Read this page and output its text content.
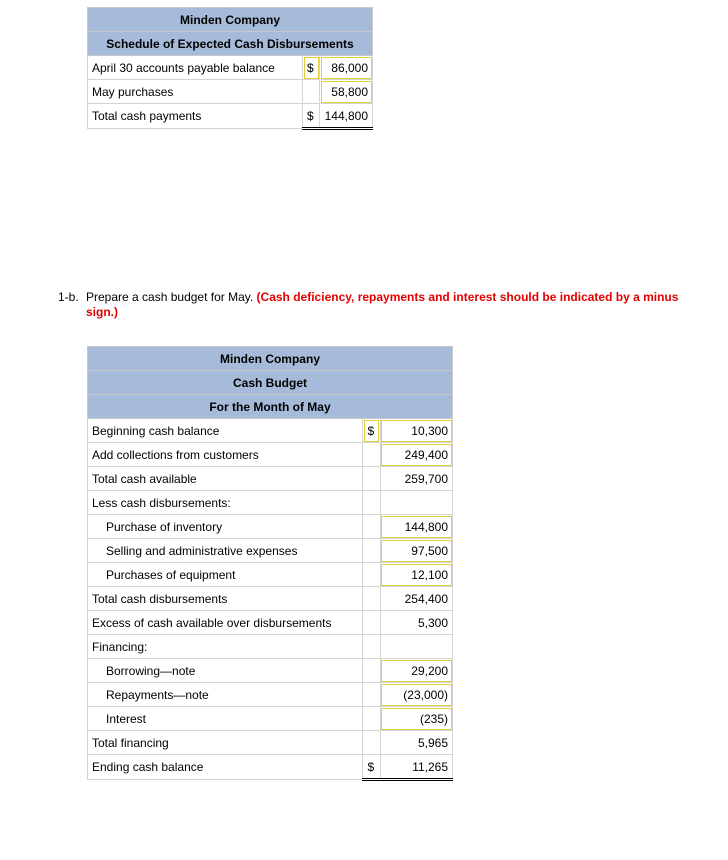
Minden Company		
Schedule of Expected Cash Disbursements		
April 30 accounts payable balance	$	86,000
May purchases		58,800
Total cash payments	$	144,800
1-b. Prepare a cash budget for May. (Cash deficiency, repayments and interest should be indicated by a minus sign.)
Minden Company		
Cash Budget		
For the Month of May		
Beginning cash balance	$	10,300
Add collections from customers		249,400
Total cash available		259,700
Less cash disbursements:		
Purchase of inventory		144,800
Selling and administrative expenses		97,500
Purchases of equipment		12,100
Total cash disbursements		254,400
Excess of cash available over disbursements		5,300
Financing:		
Borrowing—note		29,200
Repayments—note		(23,000)
Interest		(235)
Total financing		5,965
Ending cash balance	$	11,265
